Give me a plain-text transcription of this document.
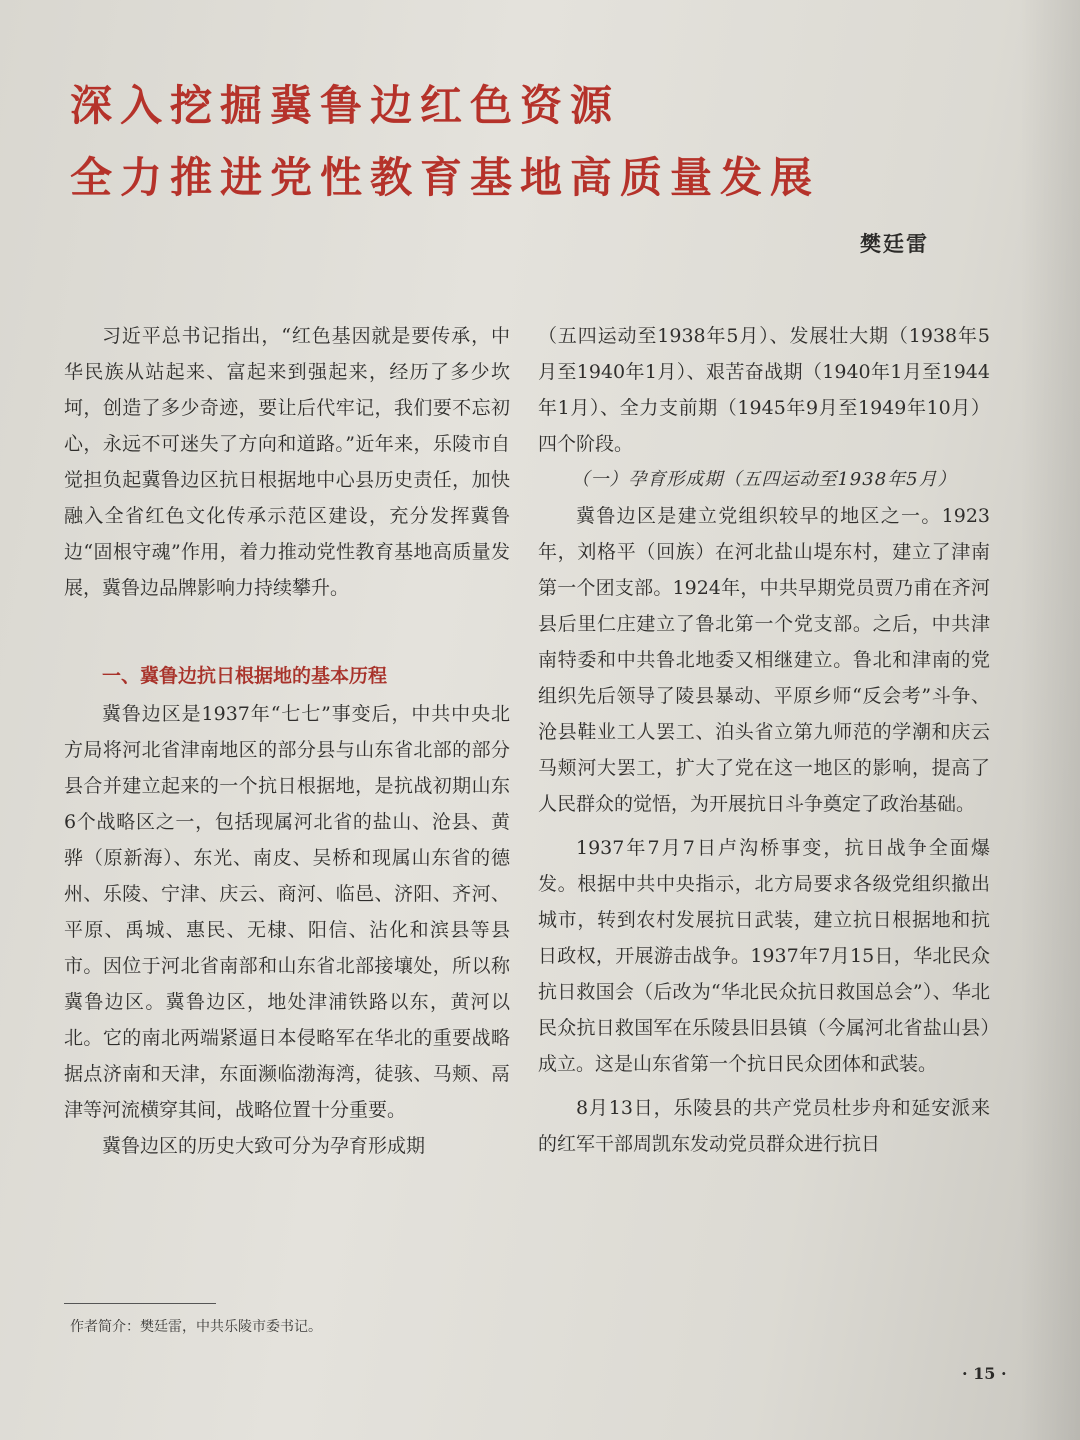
深入挖掘冀鲁边红色资源
全力推进党性教育基地高质量发展
樊廷雷

习近平总书记指出，“红色基因就是要传承，中华民族从站起来、富起来到强起来，经历了多少坎坷，创造了多少奇迹，要让后代牢记，我们要不忘初心，永远不可迷失了方向和道路。”近年来，乐陵市自觉担负起冀鲁边区抗日根据地中心县历史责任，加快融入全省红色文化传承示范区建设，充分发挥冀鲁边“固根守魂”作用，着力推动党性教育基地高质量发展，冀鲁边品牌影响力持续攀升。

一、冀鲁边抗日根据地的基本历程

冀鲁边区是1937年“七七”事变后，中共中央北方局将河北省津南地区的部分县与山东省北部的部分县合并建立起来的一个抗日根据地，是抗战初期山东6个战略区之一，包括现属河北省的盐山、沧县、黄骅（原新海）、东光、南皮、吴桥和现属山东省的德州、乐陵、宁津、庆云、商河、临邑、济阳、齐河、平原、禹城、惠民、无棣、阳信、沾化和滨县等县市。因位于河北省南部和山东省北部接壤处，所以称冀鲁边区。冀鲁边区，地处津浦铁路以东，黄河以北。它的南北两端紧逼日本侵略军在华北的重要战略据点济南和天津，东面濒临渤海湾，徒骇、马颊、鬲津等河流横穿其间，战略位置十分重要。

冀鲁边区的历史大致可分为孕育形成期

（五四运动至1938年5月）、发展壮大期（1938年5月至1940年1月）、艰苦奋战期（1940年1月至1944年1月）、全力支前期（1945年9月至1949年10月）四个阶段。

（一）孕育形成期（五四运动至1938年5月）

冀鲁边区是建立党组织较早的地区之一。1923年，刘格平（回族）在河北盐山堤东村，建立了津南第一个团支部。1924年，中共早期党员贾乃甫在齐河县后里仁庄建立了鲁北第一个党支部。之后，中共津南特委和中共鲁北地委又相继建立。鲁北和津南的党组织先后领导了陵县暴动、平原乡师“反会考”斗争、沧县鞋业工人罢工、泊头省立第九师范的学潮和庆云马颊河大罢工，扩大了党在这一地区的影响，提高了人民群众的觉悟，为开展抗日斗争奠定了政治基础。

1937年7月7日卢沟桥事变，抗日战争全面爆发。根据中共中央指示，北方局要求各级党组织撤出城市，转到农村发展抗日武装，建立抗日根据地和抗日政权，开展游击战争。1937年7月15日，华北民众抗日救国会（后改为“华北民众抗日救国总会”）、华北民众抗日救国军在乐陵县旧县镇（今属河北省盐山县）成立。这是山东省第一个抗日民众团体和武装。

8月13日，乐陵县的共产党员杜步舟和延安派来的红军干部周凯东发动党员群众进行抗日

作者简介：樊廷雷，中共乐陵市委书记。
· 15 ·
